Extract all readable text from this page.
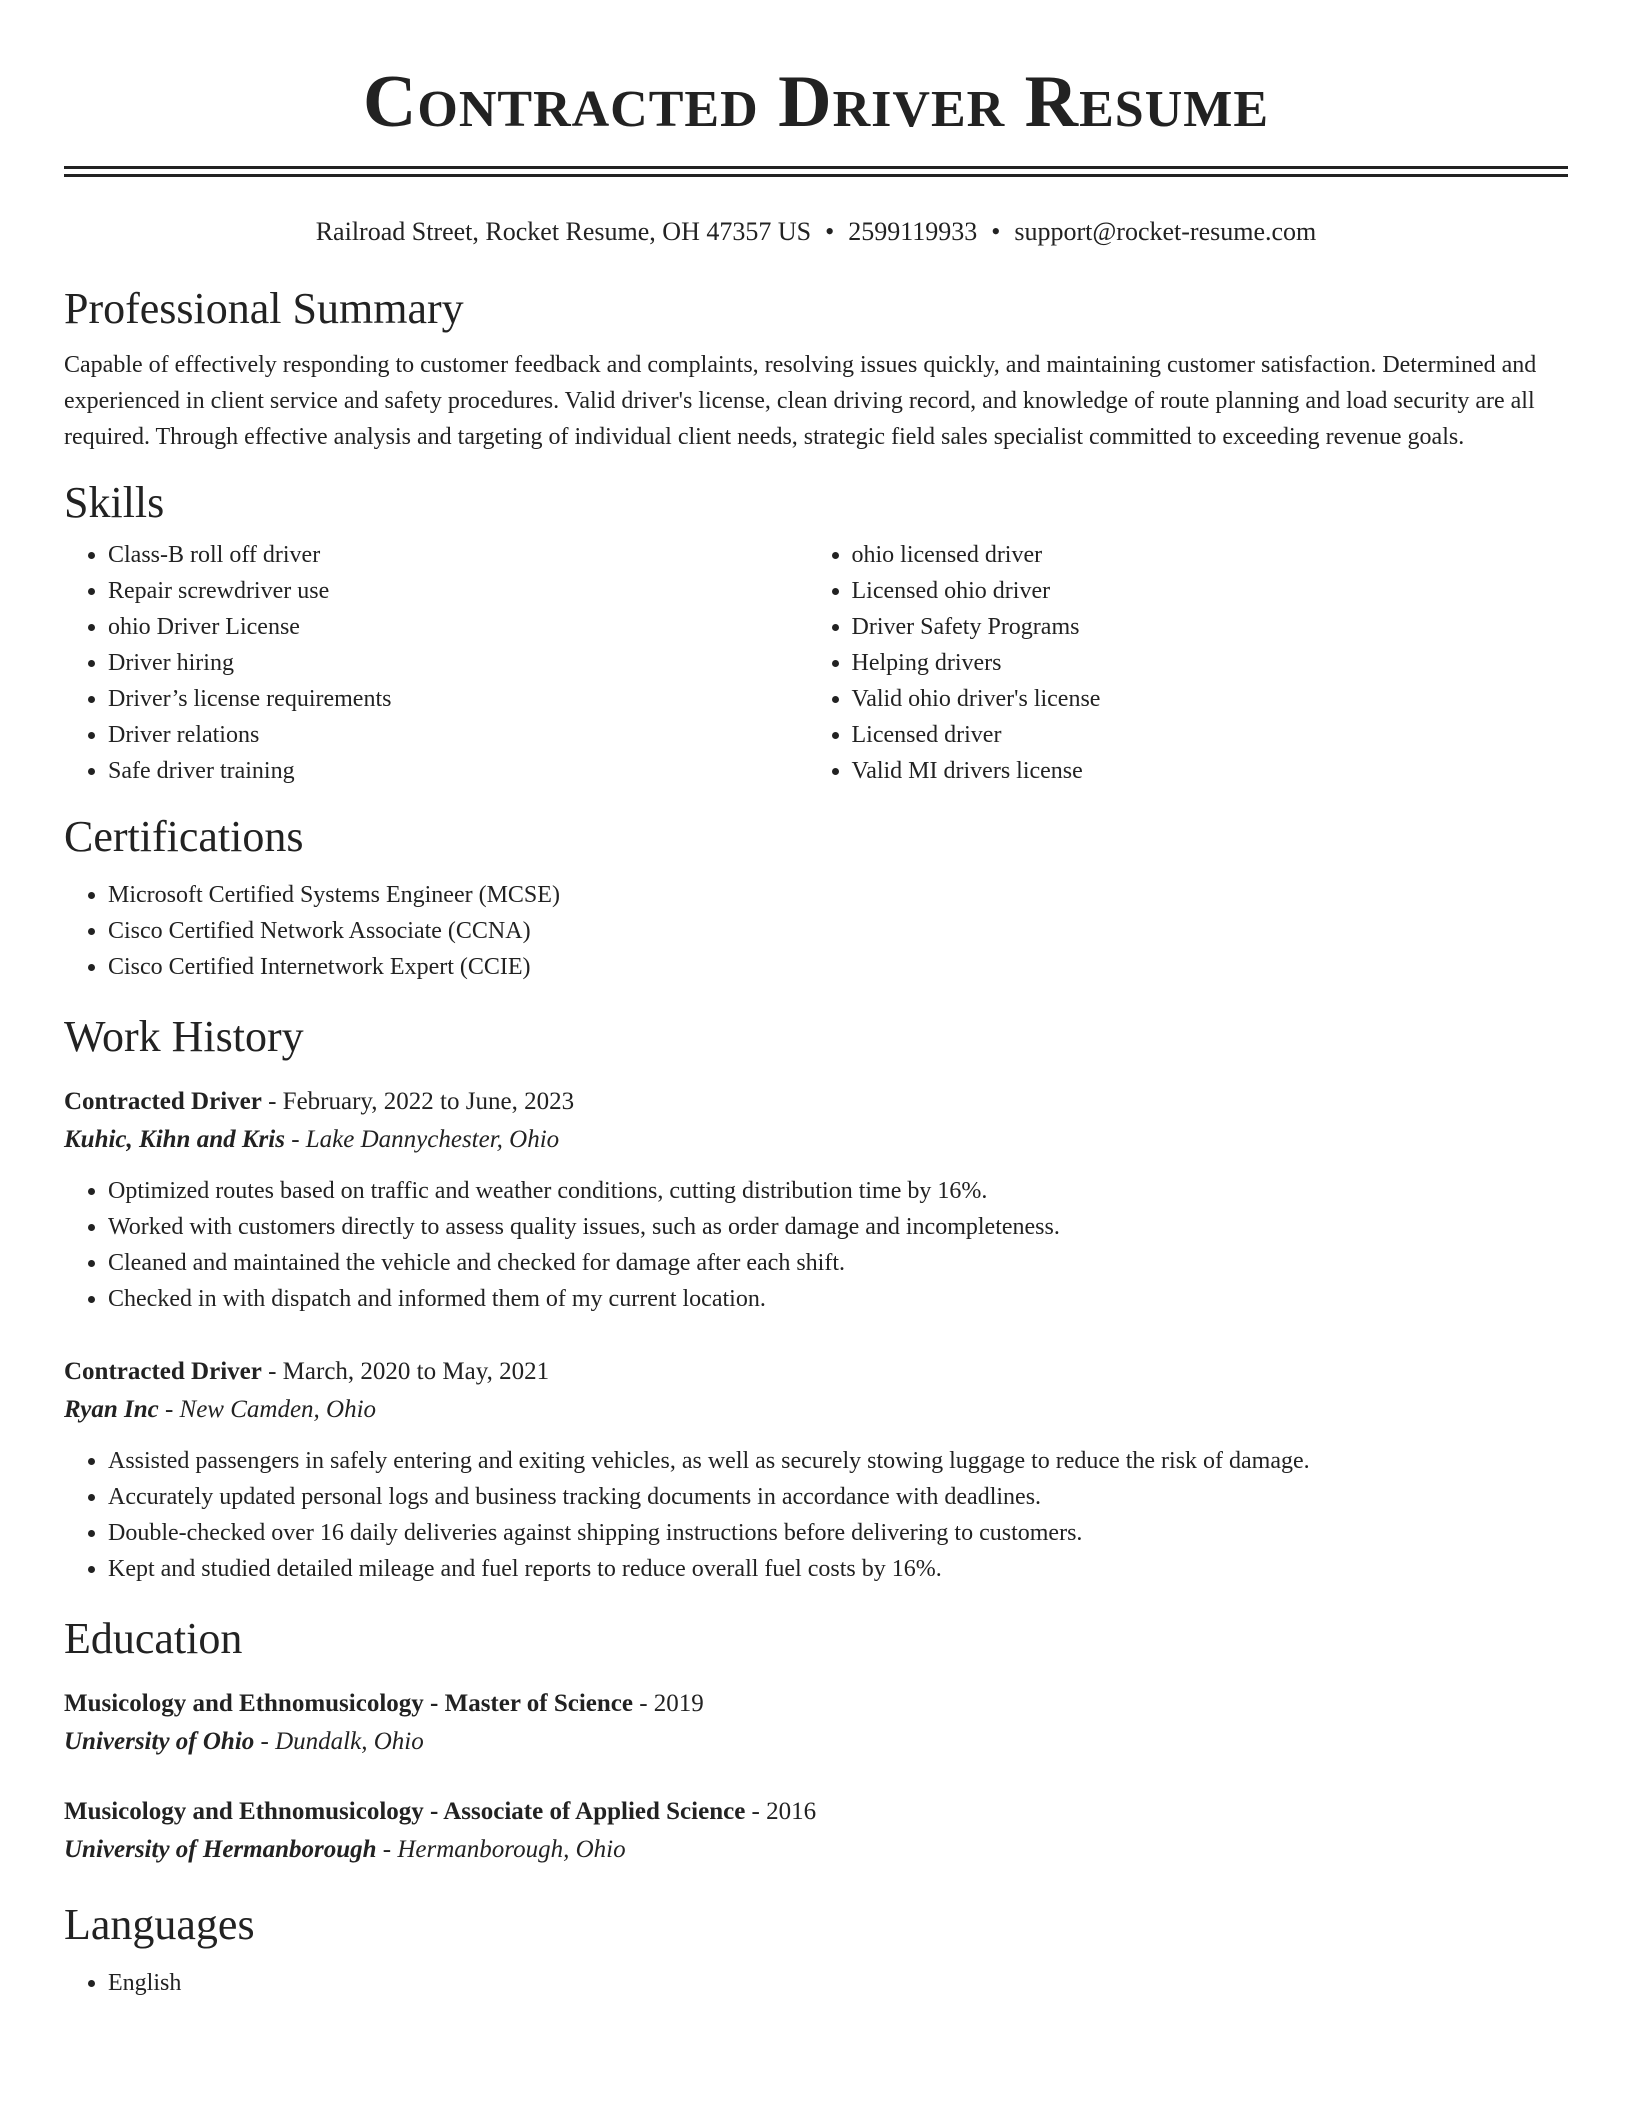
Contracted Driver Resume
Railroad Street, Rocket Resume, OH 47357 US • 2599119933 • support@rocket-resume.com
Professional Summary

Capable of effectively responding to customer feedback and complaints, resolving issues quickly, and maintaining customer satisfaction. Determined and experienced in client service and safety procedures. Valid driver's license, clean driving record, and knowledge of route planning and load security are all required. Through effective analysis and targeting of individual client needs, strategic field sales specialist committed to exceeding revenue goals.

Skills
• Class-B roll off driver
• Repair screwdriver use
• ohio Driver License
• Driver hiring
• Driver’s license requirements
• Driver relations
• Safe driver training
• ohio licensed driver
• Licensed ohio driver
• Driver Safety Programs
• Helping drivers
• Valid ohio driver's license
• Licensed driver
• Valid MI drivers license
Certifications
• Microsoft Certified Systems Engineer (MCSE)
• Cisco Certified Network Associate (CCNA)
• Cisco Certified Internetwork Expert (CCIE)
Work History
Contracted Driver - February, 2022 to June, 2023
Kuhic, Kihn and Kris - Lake Dannychester, Ohio
• Optimized routes based on traffic and weather conditions, cutting distribution time by 16%.
• Worked with customers directly to assess quality issues, such as order damage and incompleteness.
• Cleaned and maintained the vehicle and checked for damage after each shift.
• Checked in with dispatch and informed them of my current location.
Contracted Driver - March, 2020 to May, 2021
Ryan Inc - New Camden, Ohio
• Assisted passengers in safely entering and exiting vehicles, as well as securely stowing luggage to reduce the risk of damage.
• Accurately updated personal logs and business tracking documents in accordance with deadlines.
• Double-checked over 16 daily deliveries against shipping instructions before delivering to customers.
• Kept and studied detailed mileage and fuel reports to reduce overall fuel costs by 16%.
Education
Musicology and Ethnomusicology - Master of Science - 2019
University of Ohio - Dundalk, Ohio
Musicology and Ethnomusicology - Associate of Applied Science - 2016
University of Hermanborough - Hermanborough, Ohio
Languages
• English
